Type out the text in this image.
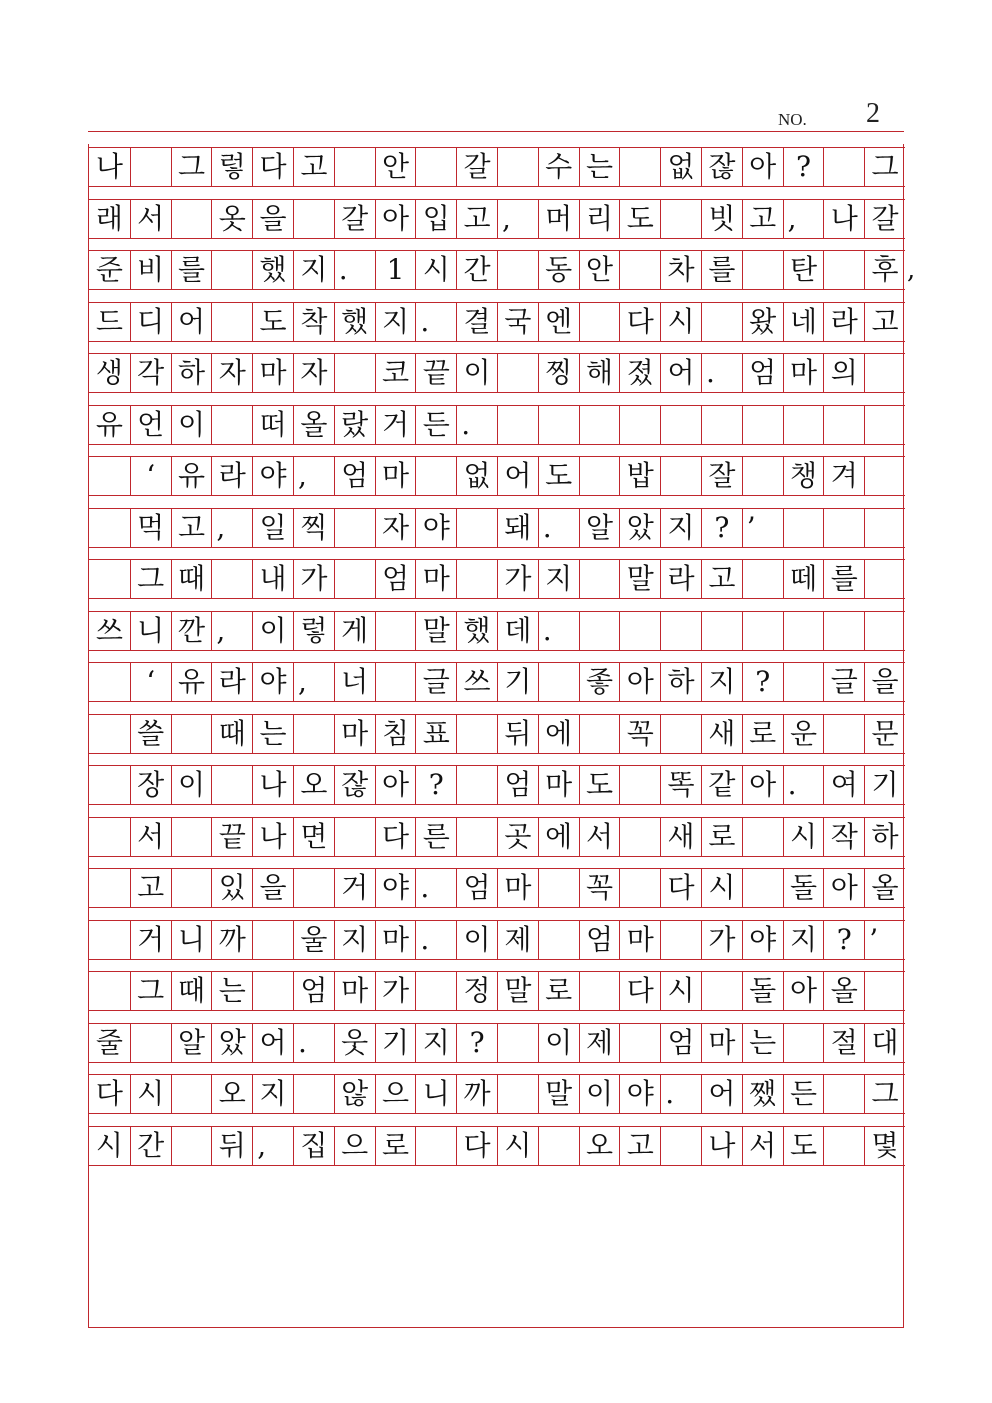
NO. 2
나 그 렇 다 고 안 갈 수 는 없 잖 아 ?	그
래 서 옷 을 갈 아 입 고 ,	머 리 도 빗 고 ,	나 갈
준 비 를 했 지 .	1 시 간 동 안 차 를 탄 후 ,
드 디 어 도 착 했 지 .	결 국 엔 다 시 왔 네 라 고
생 각 하 자 마 자 코 끝 이 찡 해 졌 어 .	엄 마 의
유 언 이 떠 올 랐 거 든 .
‘ 유 라 야 ,	엄 마 없 어 도 밥 잘 챙 겨
먹 고 ,	일 찍 자 야 돼 .	알 았 지 ? ’
그 때 내 가 엄 마 가 지 말 라 고 떼 를
쓰 니 깐 ,	이 렇 게 말 했 데 .
‘ 유 라 야 ,	너 글 쓰 기 좋 아 하 지 ?	글 을
쓸 때 는 마 침 표 뒤 에 꼭 새 로 운 문
장 이 나 오 잖 아 ?	엄 마 도 똑 같 아 .	여 기
서 끝 나 면 다 른 곳 에 서 새 로 시 작 하
고 있 을 거 야 .	엄 마 꼭 다 시 돌 아 올
거 니 까 울 지 마 .	이 제 엄 마 가 야 지 ? ’
그 때 는 엄 마 가 정 말 로 다 시 돌 아 올
줄 알 았 어 .	웃 기 지 ?	이 제 엄 마 는 절 대
다 시 오 지 않 으 니 까 말 이 야 .	어 쨌 든 그
시 간 뒤 ,	집 으 로 다 시 오 고 나 서 도 몇
